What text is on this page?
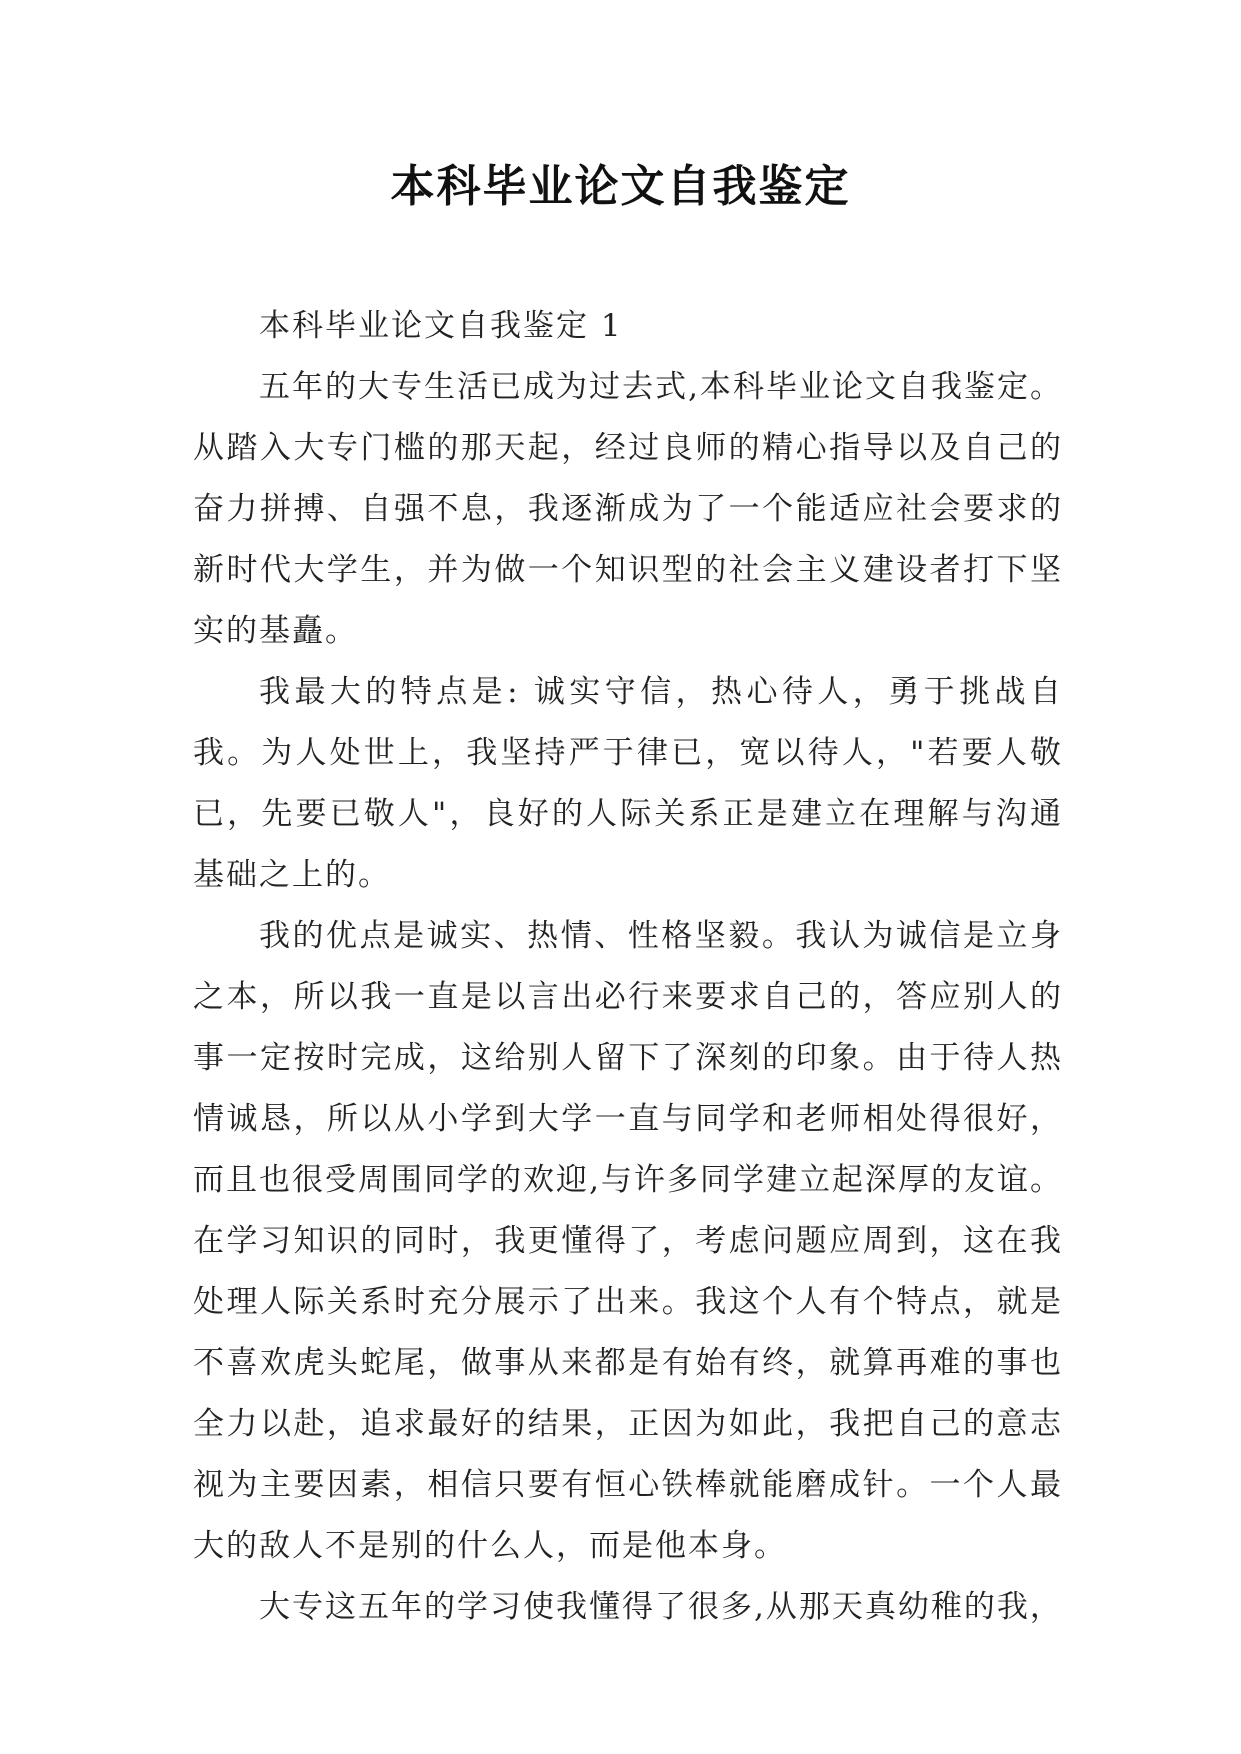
本科毕业论文自我鉴定

本科毕业论文自我鉴定 1

五年的大专生活已成为过去式,本科毕业论文自我鉴定。从踏入大专门槛的那天起，经过良师的精心指导以及自己的奋力拼搏、自强不息，我逐渐成为了一个能适应社会要求的新时代大学生，并为做一个知识型的社会主义建设者打下坚实的基矗。

我最大的特点是: 诚实守信，热心待人，勇于挑战自我。为人处世上，我坚持严于律已，宽以待人，"若要人敬已，先要已敬人"，良好的人际关系正是建立在理解与沟通基础之上的。

我的优点是诚实、热情、性格坚毅。我认为诚信是立身之本，所以我一直是以言出必行来要求自己的，答应别人的事一定按时完成，这给别人留下了深刻的印象。由于待人热情诚恳，所以从小学到大学一直与同学和老师相处得很好，而且也很受周围同学的欢迎,与许多同学建立起深厚的友谊。在学习知识的同时，我更懂得了，考虑问题应周到，这在我处理人际关系时充分展示了出来。我这个人有个特点，就是不喜欢虎头蛇尾，做事从来都是有始有终，就算再难的事也全力以赴，追求最好的结果，正因为如此，我把自己的意志视为主要因素，相信只要有恒心铁棒就能磨成针。一个人最大的敌人不是别的什么人，而是他本身。

大专这五年的学习使我懂得了很多,从那天真幼稚的我，
